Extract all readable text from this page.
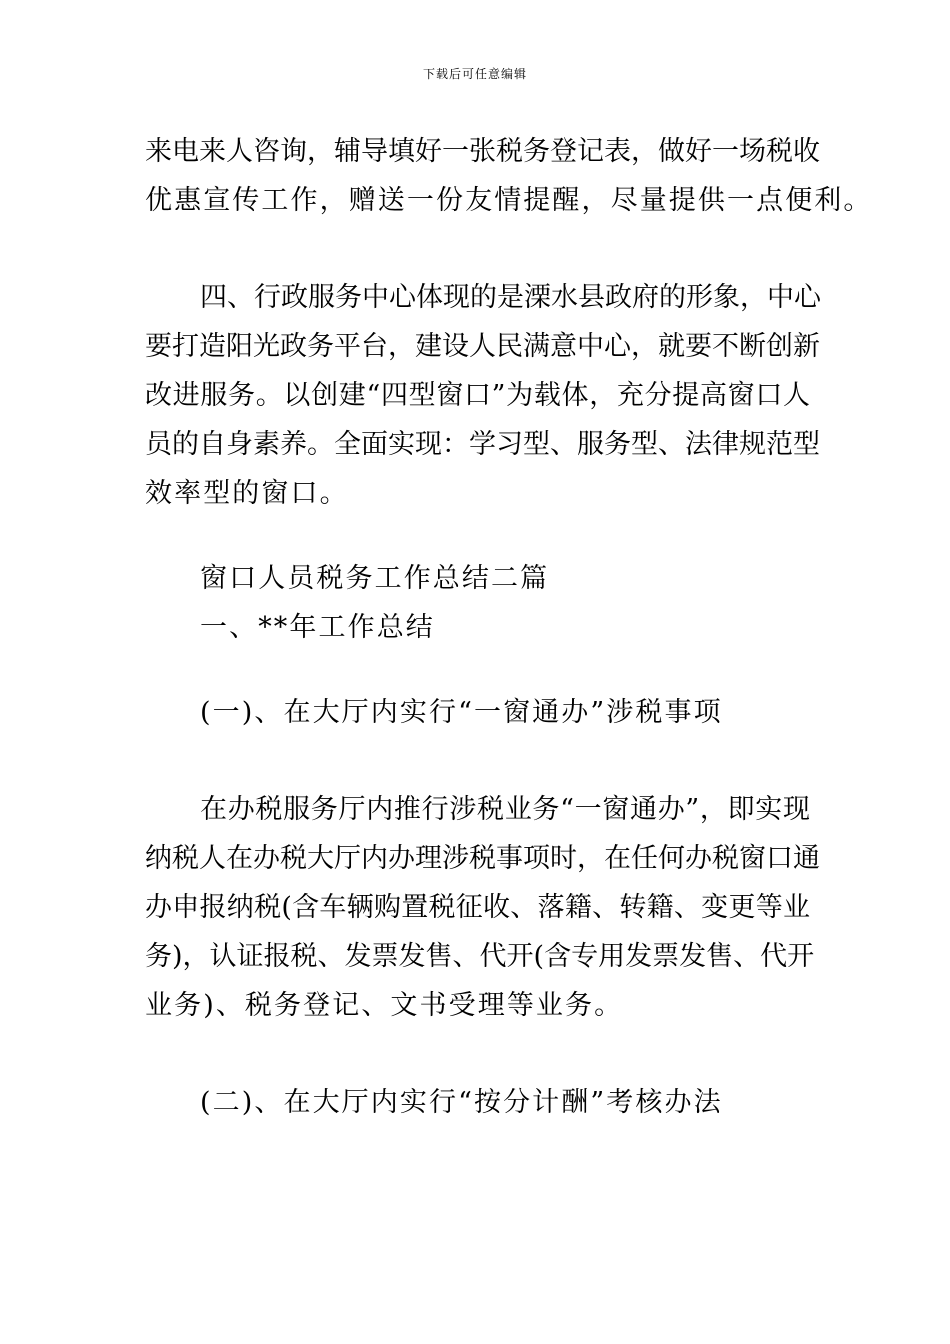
下载后可任意编辑
来电来人咨询，辅导填好一张税务登记表，做好一场税收
优惠宣传工作，赠送一份友情提醒，尽量提供一点便利。
四、行政服务中心体现的是溧水县政府的形象，中心
要打造阳光政务平台，建设人民满意中心，就要不断创新
改进服务。以创建“四型窗口”为载体，充分提高窗口人
员的自身素养。全面实现：学习型、服务型、法律规范型
效率型的窗口。
窗口人员税务工作总结二篇
一、**年工作总结
(一)、在大厅内实行“一窗通办”涉税事项
在办税服务厅内推行涉税业务“一窗通办”，即实现
纳税人在办税大厅内办理涉税事项时，在任何办税窗口通
办申报纳税(含车辆购置税征收、落籍、转籍、变更等业
务)，认证报税、发票发售、代开(含专用发票发售、代开
业务)、税务登记、文书受理等业务。
(二)、在大厅内实行“按分计酬”考核办法
